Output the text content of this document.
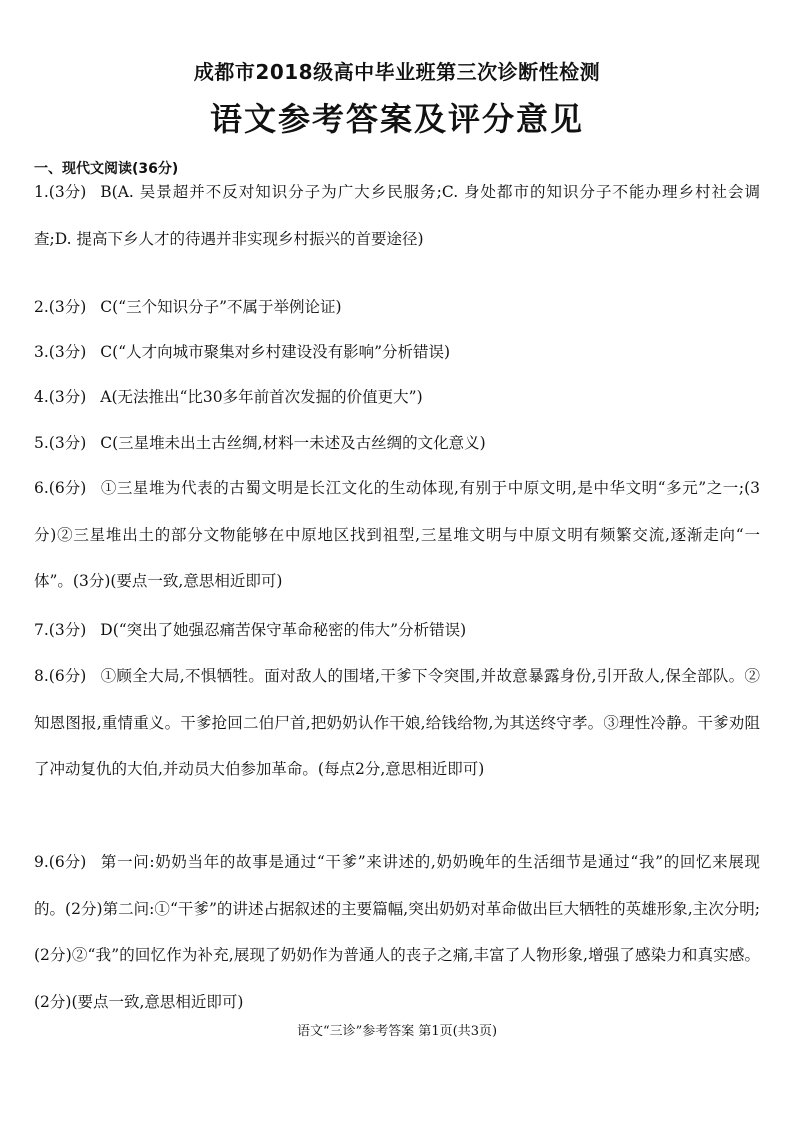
成都市2018级高中毕业班第三次诊断性检测
语文参考答案及评分意见
一、现代文阅读(36分)
1.(3分) B(A. 吴景超并不反对知识分子为广大乡民服务;C. 身处都市的知识分子不能办理乡村社会调查;D. 提高下乡人才的待遇并非实现乡村振兴的首要途径)
2.(3分) C(“三个知识分子”不属于举例论证)
3.(3分) C(“人才向城市聚集对乡村建设没有影响”分析错误)
4.(3分) A(无法推出“比30多年前首次发掘的价值更大”)
5.(3分) C(三星堆未出土古丝绸,材料一未述及古丝绸的文化意义)
6.(6分) ①三星堆为代表的古蜀文明是长江文化的生动体现,有别于中原文明,是中华文明“多元”之一;(3分)②三星堆出土的部分文物能够在中原地区找到祖型,三星堆文明与中原文明有频繁交流,逐渐走向“一体”。(3分)(要点一致,意思相近即可)
7.(3分) D(“突出了她强忍痛苦保守革命秘密的伟大”分析错误)
8.(6分) ①顾全大局,不惧牺牲。面对敌人的围堵,干爹下令突围,并故意暴露身份,引开敌人,保全部队。②知恩图报,重情重义。干爹抢回二伯尸首,把奶奶认作干娘,给钱给物,为其送终守孝。③理性冷静。干爹劝阻了冲动复仇的大伯,并动员大伯参加革命。(每点2分,意思相近即可)
9.(6分) 第一问:奶奶当年的故事是通过“干爹”来讲述的,奶奶晚年的生活细节是通过“我”的回忆来展现的。(2分)第二问:①“干爹”的讲述占据叙述的主要篇幅,突出奶奶对革命做出巨大牺牲的英雄形象,主次分明;(2分)②“我”的回忆作为补充,展现了奶奶作为普通人的丧子之痛,丰富了人物形象,增强了感染力和真实感。(2分)(要点一致,意思相近即可)
语文“三诊”参考答案 第1页(共3页)
